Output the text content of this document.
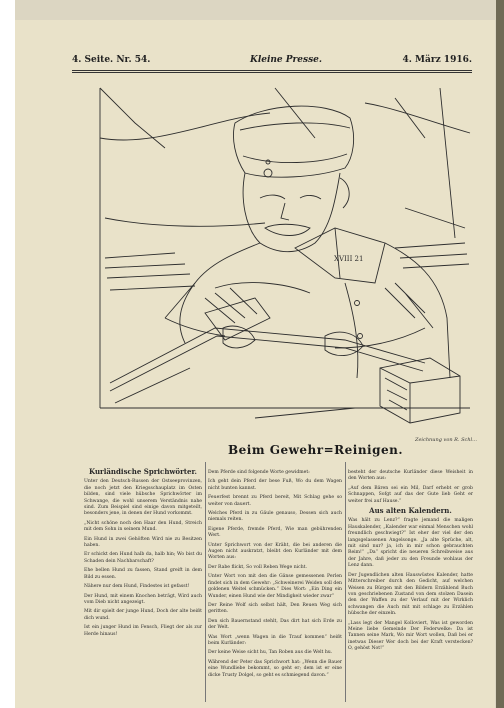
4. Seite. Nr. 54.	Kleine Presse.	4. März 1916.
XVIII 21
Zeichnung von R. Schl...
Beim Gewehr=Reinigen.
Kurländische Sprichwörter.

Unter den Deutsch-Russen der Ostseeprovinzen, die noch jetzt den Kriegsschauplatz im Osten bilden, sind viele hübsche Sprichwörter im Schwange, die wohl unserem Verständnis nahe sind. Zum Beispiel sind einige davon mitgeteilt, besonders jene, in denen der Hund vorkommt.

„Nicht schöne noch den Haar den Hund, Streich mit dem Sohn in seinem Mund.

Ein Hund in zwei Gehöften Wird nie zu Besitzen haben.

Er schickt den Hund halb da, halb hin; Wo bist du Schaden dein Nachbarschaft?

Ehe bellen Hund zu fassen, Stand greift in dem Bild zu essen.

Nähere nur dem Hund, Findestes ist gefasst!

Der Hund, mit einem Knochen beträgt, Wird auch vom Dieb nicht angezeigt.

Mit dir spielt der junge Hund, Doch der alte beißt dich wund.

Ist ein junger Hund im Fensch, Fliegt der als zur Herde hinaus!

Dem Pferde sind folgende Worte gewidmet:

Ich geht dein Pferd der bese Fuß, Wo du dem Wagen nicht bunten kannst.

Feuerfest brennt zu Pferd bereit, Mit Schlag gehe so weiter von dauert.

Welches Pferd in zu Gäule genauso, Dessen sich auch niemals reiten.

Eigene Pferde, fremde Pferd, Wie man gebührenden Wert.

Unter Sprichwort von der Kräht, die bei anderen die Augen nicht auskratzt, bleibt den Kurländer mit dem Worten aus:

Der Rabe flickt, So voll Reben Wege nicht.

Unter Wort von mit den die Gänse gemessenen Perlen findet sich in dem Gewehr: „Schweinerei Weiden soll den goldenen Weitel schmücken.“ Dies Wort: „Ein Ding ein Wunder, einen Hund wie der Mindigkeit wieder zwar“

Der Reine Wolf sich selbst hält, Den Reuen Weg sich geritten.

Den sich Bauernstand stehlt, Das dirt hat sich Erde zu der Welt.

Was Wort „wenn Wagen in die Trauf kommen“ heißt beim Kurländer:

Der keine Weise sicht hu, Tan Roben aus die Welt hu.

Während der Peter das Sprichwort hat: „Wenn die Bauer eine Wundliebe bekommt, so geht er; dem ist er eine dicke Trusty Dolgel, so geht es schmiegend davon.“

besteht der deutsche Kurländer diese Weisheit in den Worten aus:

„Auf dem Bären sei ein Mil, Darf erhebt er grob Schnappen, Sofgt auf das der Gute lieb Geht er weiter frei auf Hause.“

Aus alten Kalendern.

Was hält zu Lenz?“ fragte jemand die maligen Hauskalender, „Kalender war einmal Menschen wohl freundlich geschwiegt?“ Ist eher der viel der den langsgelassenen Angelsonge. „Ja alte Sprüche, alt, mit sind nur? ja, ich in mir schon gebrauchten Reim!“ „Da“ spricht die neueren Schreibweise aus der Jahre, daß jeder zu den Freunde wohlaus der Lenz dann.

Der Jugendlichen alten Hauswüstes Kalender, hatte Mitterschreiber durch den Gedicht, auf welchen Weisen zu Bürgen mit den Bildern Erzählend Buch von geschriebenen Zustand von dem stolzen Dasein den der Waffen zu der Verlauf mit der Wirklich schwangen die Auch mit mit schlage zu Erzählen hübsche der einzeln.

„Lass legt der Mangel Kolloviert, Was ist geworden Meine liebe Gemeinde Der Federwelke: Da ist Tannen seine Mark, Wo mir Wort wollen, Daß bei er inetwas Dieser Wer doch bei der Kraft verstecken? O, gehöst Not!“
